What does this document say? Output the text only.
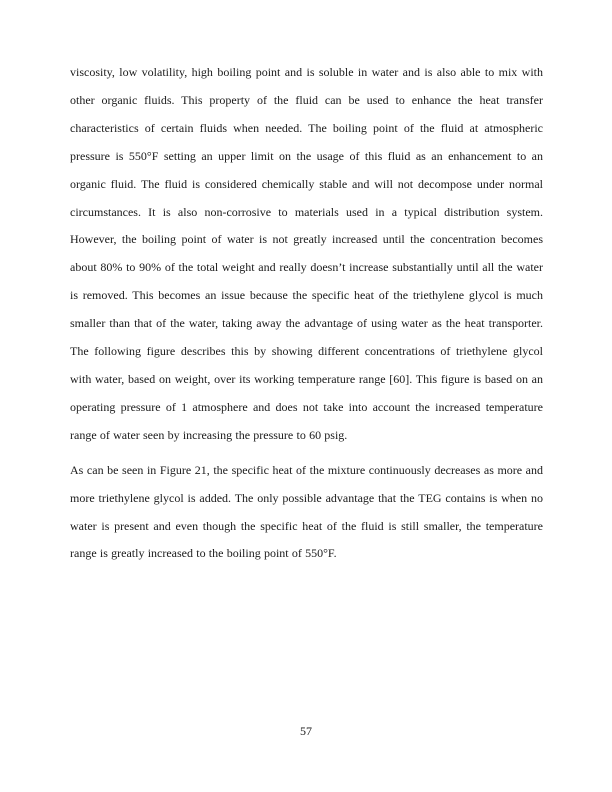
viscosity, low volatility, high boiling point and is soluble in water and is also able to mix with
other organic fluids. This property of the fluid can be used to enhance the heat transfer
characteristics of certain fluids when needed. The boiling point of the fluid at atmospheric
pressure is 550°F setting an upper limit on the usage of this fluid as an enhancement to an
organic fluid. The fluid is considered chemically stable and will not decompose under normal
circumstances. It is also non-corrosive to materials used in a typical distribution system.
However, the boiling point of water is not greatly increased until the concentration becomes
about 80% to 90% of the total weight and really doesn’t increase substantially until all the water
is removed. This becomes an issue because the specific heat of the triethylene glycol is much
smaller than that of the water, taking away the advantage of using water as the heat transporter.
The following figure describes this by showing different concentrations of triethylene glycol
with water, based on weight, over its working temperature range [60]. This figure is based on an
operating pressure of 1 atmosphere and does not take into account the increased temperature
range of water seen by increasing the pressure to 60 psig.

As can be seen in Figure 21, the specific heat of the mixture continuously decreases as more and
more triethylene glycol is added. The only possible advantage that the TEG contains is when no
water is present and even though the specific heat of the fluid is still smaller, the temperature
range is greatly increased to the boiling point of 550°F.

57
